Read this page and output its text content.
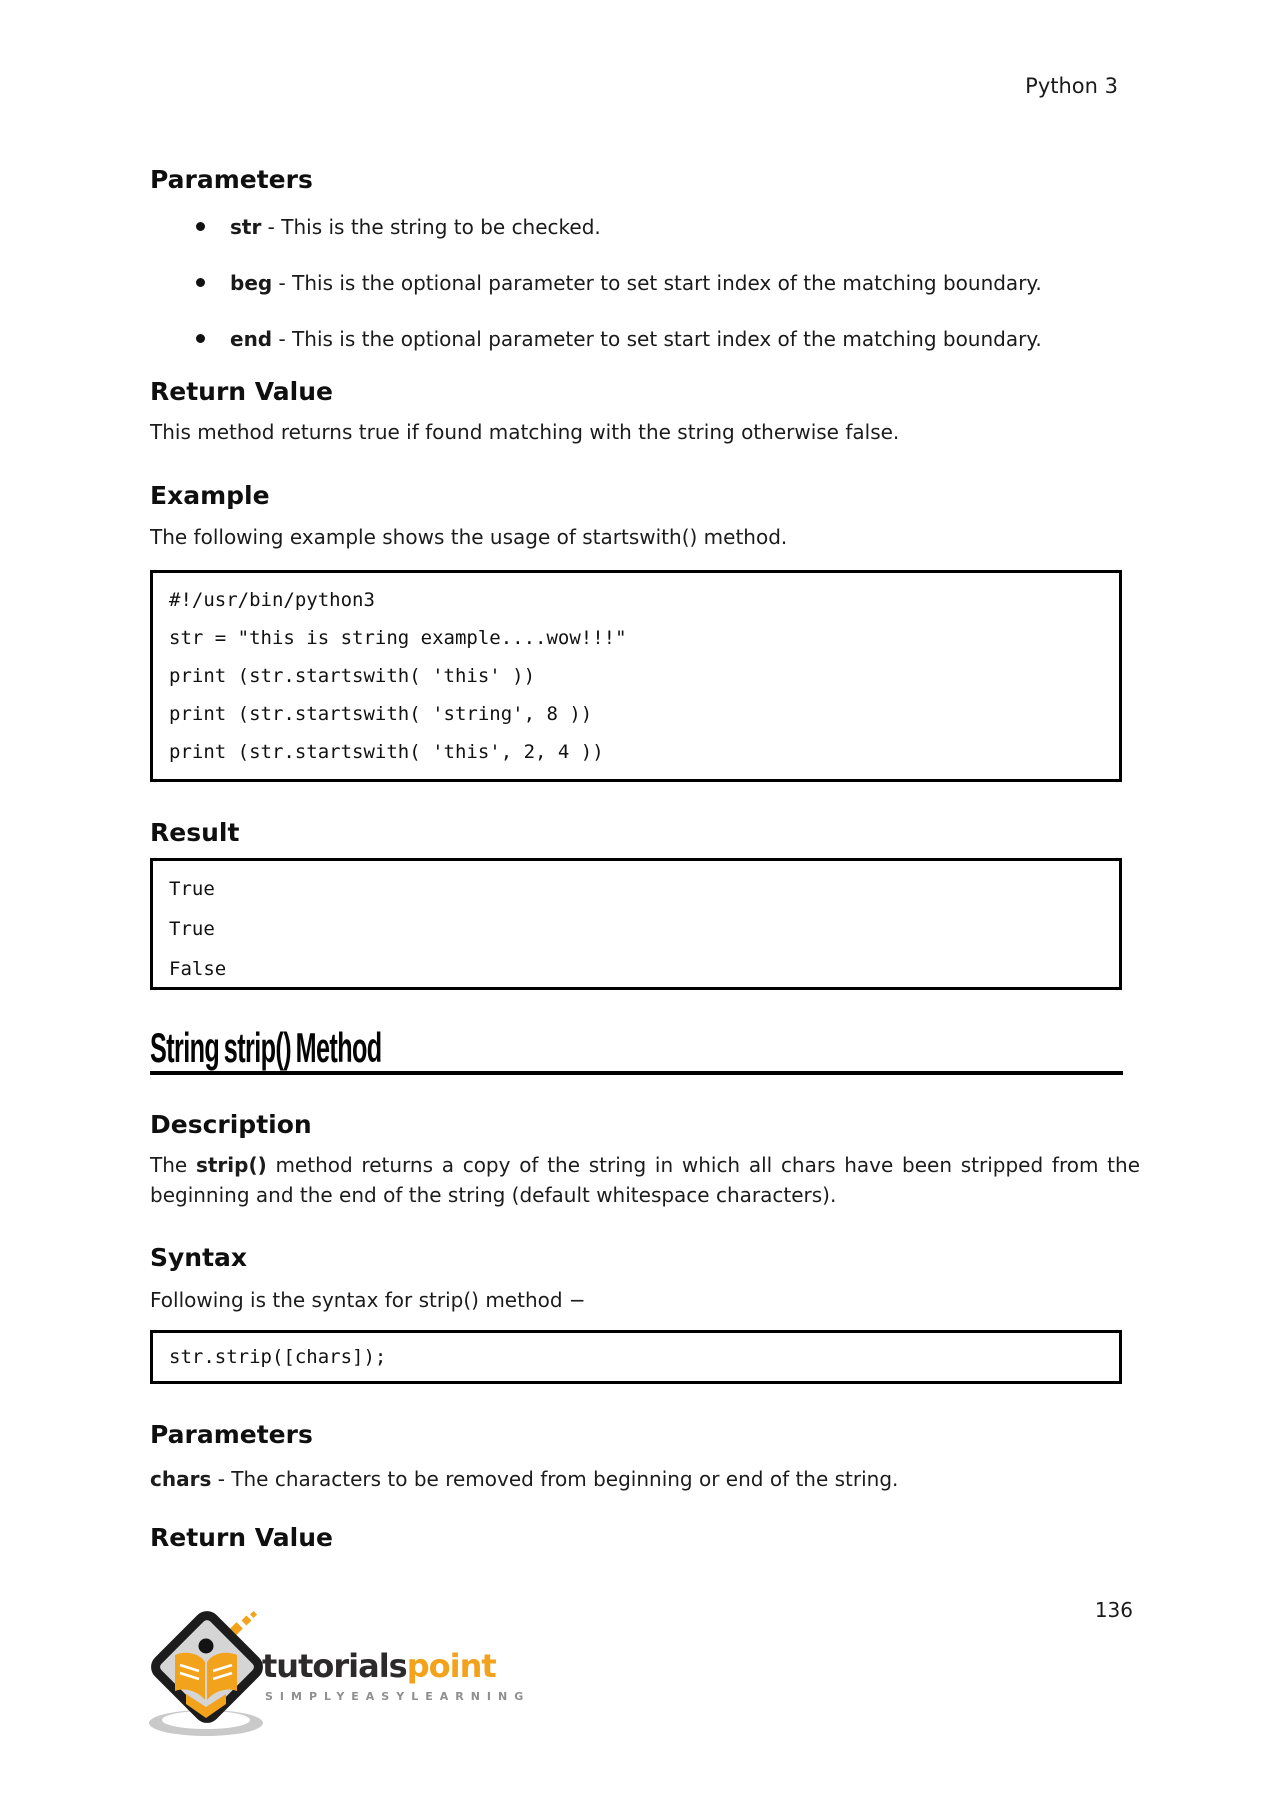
Python 3
Parameters
str - This is the string to be checked.
beg - This is the optional parameter to set start index of the matching boundary.
end - This is the optional parameter to set start index of the matching boundary.
Return Value
This method returns true if found matching with the string otherwise false.
Example
The following example shows the usage of startswith() method.
#!/usr/bin/python3
str = "this is string example....wow!!!"
print (str.startswith( 'this' ))
print (str.startswith( 'string', 8 ))
print (str.startswith( 'this', 2, 4 ))
Result
True
True
False
String strip() Method
Description
The strip() method returns a copy of the string in which all chars have been stripped from the beginning and the end of the string (default whitespace characters).
Syntax
Following is the syntax for strip() method −
str.strip([chars]);
Parameters
chars - The characters to be removed from beginning or end of the string.
Return Value
136
tutorialspoint
SIMPLYEASYLEARNING
